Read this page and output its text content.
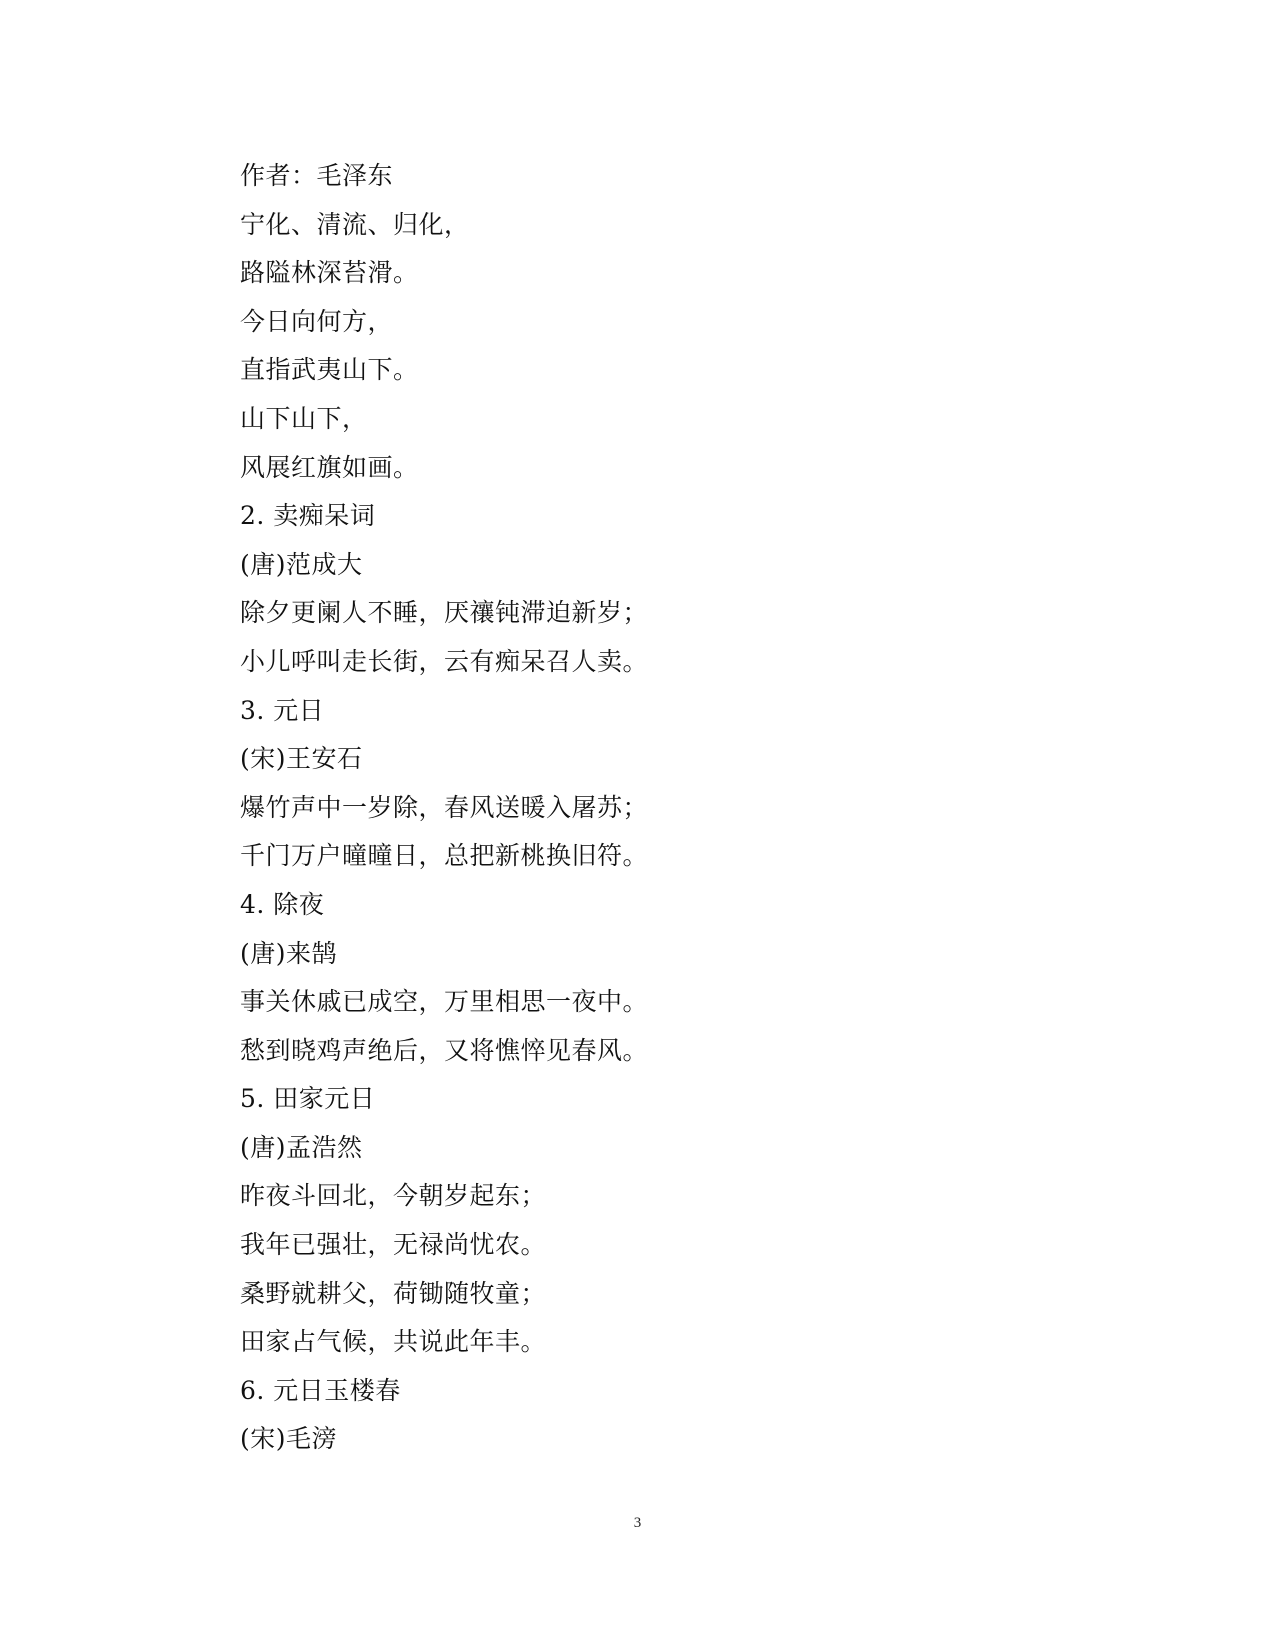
作者：毛泽东
宁化、清流、归化，
路隘林深苔滑。
今日向何方，
直指武夷山下。
山下山下，
风展红旗如画。
2. 卖痴呆词
(唐)范成大
除夕更阑人不睡，厌禳钝滞迫新岁；
小儿呼叫走长街，云有痴呆召人卖。
3. 元日
(宋)王安石
爆竹声中一岁除，春风送暖入屠苏；
千门万户曈曈日，总把新桃换旧符。
4. 除夜
(唐)来鹄
事关休戚已成空，万里相思一夜中。
愁到晓鸡声绝后，又将憔悴见春风。
5. 田家元日
(唐)孟浩然
昨夜斗回北，今朝岁起东；
我年已强壮，无禄尚忧农。
桑野就耕父，荷锄随牧童；
田家占气候，共说此年丰。
6. 元日玉楼春
(宋)毛滂
3
